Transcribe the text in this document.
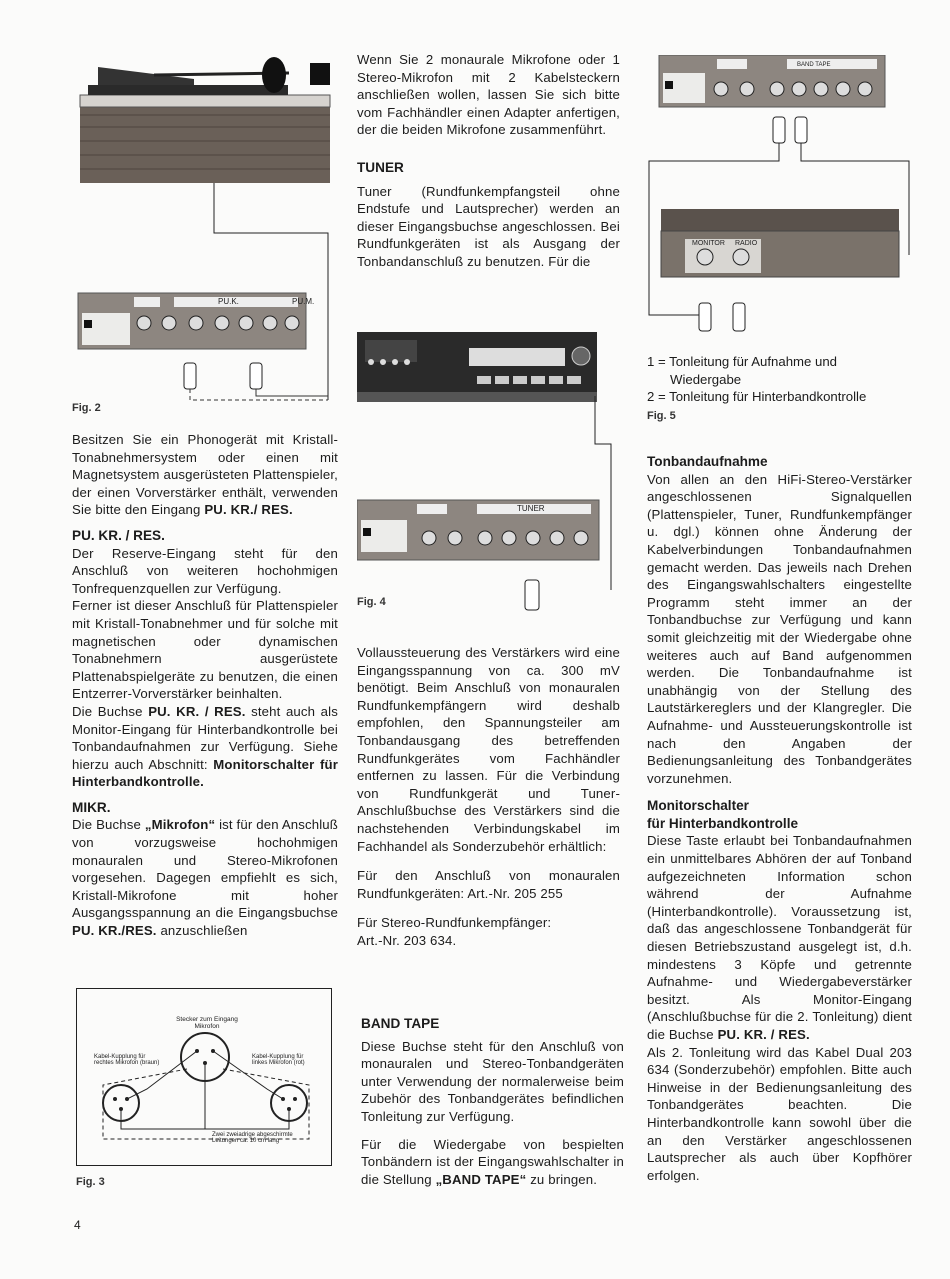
PU.K.	PU.M.
Fig. 2

Besitzen Sie ein Phonogerät mit Kristall-Tonabnehmersystem oder einen mit Magnetsystem ausgerüsteten Plattenspieler, der einen Vorverstärker enthält, verwenden Sie bitte den Eingang PU. KR./ RES.

PU. KR. / RES.

Der Reserve-Eingang steht für den Anschluß von weiteren hochohmigen Tonfrequenzquellen zur Verfügung.

Ferner ist dieser Anschluß für Plattenspieler mit Kristall-Tonabnehmer und für solche mit magnetischen oder dynamischen Tonabnehmern ausgerüstete Plattenabspielgeräte zu benutzen, die einen Entzerrer-Vorverstärker beinhalten.

Die Buchse PU. KR. / RES. steht auch als Monitor-Eingang für Hinterbandkontrolle bei Tonbandaufnahmen zur Verfügung. Siehe hierzu auch Abschnitt: Monitorschalter für Hinterbandkontrolle.

MIKR.

Die Buchse „Mikrofon“ ist für den Anschluß von vorzugsweise hochohmigen monauralen und Stereo-Mikrofonen vorgesehen. Dagegen empfiehlt es sich, Kristall-Mikrofone mit hoher Ausgangsspannung an die Eingangsbuchse PU. KR./RES. anzuschließen

Stecker zum Eingang Mikrofon
Kabel-Kupplung für rechtes Mikrofon (braun)
Kabel-Kupplung für linkes Mikrofon (rot)
Zwei zweiadrige abgeschirmte Leitungen ca. 10 cm lang
Fig. 3

Wenn Sie 2 monaurale Mikrofone oder 1 Stereo-Mikrofon mit 2 Kabelsteckern anschließen wollen, lassen Sie sich bitte vom Fachhändler einen Adapter anfertigen, der die beiden Mikrofone zusammenführt.

TUNER

Tuner (Rundfunkempfangsteil ohne Endstufe und Lautsprecher) werden an dieser Eingangsbuchse angeschlossen. Bei Rundfunkgeräten ist als Ausgang der Tonbandanschluß zu benutzen. Für die

TUNER
Fig. 4

Vollaussteuerung des Verstärkers wird eine Eingangsspannung von ca. 300 mV benötigt. Beim Anschluß von monauralen Rundfunkempfängern wird deshalb empfohlen, den Spannungsteiler am Tonbandausgang des betreffenden Rundfunkgerätes vom Fachhändler entfernen zu lassen. Für die Verbindung von Rundfunkgerät und Tuner-Anschlußbuchse des Verstärkers sind die nachstehenden Verbindungskabel im Fachhandel als Sonderzubehör erhältlich:

Für den Anschluß von monauralen Rundfunkgeräten: Art.-Nr. 205 255

Für Stereo-Rundfunkempfänger:

Art.-Nr. 203 634.

BAND TAPE

Diese Buchse steht für den Anschluß von monauralen und Stereo-Tonbandgeräten unter Verwendung der normalerweise beim Zubehör des Tonbandgerätes befindlichen Tonleitung zur Verfügung.

Für die Wiedergabe von bespielten Tonbändern ist der Eingangswahlschalter in die Stellung „BAND TAPE“ zu bringen.

MONITOR RADIO
BAND TAPE

1 = Tonleitung für Aufnahme und
Wiedergabe

2 = Tonleitung für Hinterbandkontrolle

Fig. 5

Tonbandaufnahme

Von allen an den HiFi-Stereo-Verstärker angeschlossenen Signalquellen (Plattenspieler, Tuner, Rundfunkempfänger u. dgl.) können ohne Änderung der Kabelverbindungen Tonbandaufnahmen gemacht werden. Das jeweils nach Drehen des Eingangswahlschalters eingestellte Programm steht immer an der Tonbandbuchse zur Verfügung und kann somit gleichzeitig mit der Wiedergabe ohne weiteres auch auf Band aufgenommen werden. Die Tonbandaufnahme ist unabhängig von der Stellung des Lautstärkereglers und der Klangregler. Die Aufnahme- und Aussteuerungskontrolle ist nach den Angaben der Bedienungsanleitung des Tonbandgerätes vorzunehmen.

Monitorschalter

für Hinterbandkontrolle

Diese Taste erlaubt bei Tonbandaufnahmen ein unmittelbares Abhören der auf Tonband aufgezeichneten Information schon während der Aufnahme (Hinterbandkontrolle). Voraussetzung ist, daß das angeschlossene Tonbandgerät für diesen Betriebszustand ausgelegt ist, d.h. mindestens 3 Köpfe und getrennte Aufnahme- und Wiedergabeverstärker besitzt. Als Monitor-Eingang (Anschlußbuchse für die 2. Tonleitung) dient die Buchse PU. KR. / RES.

Als 2. Tonleitung wird das Kabel Dual 203 634 (Sonderzubehör) empfohlen. Bitte auch Hinweise in der Bedienungsanleitung des Tonbandgerätes beachten. Die Hinterbandkontrolle kann sowohl über die an den Verstärker angeschlossenen Lautsprecher als auch über Kopfhörer erfolgen.

4
